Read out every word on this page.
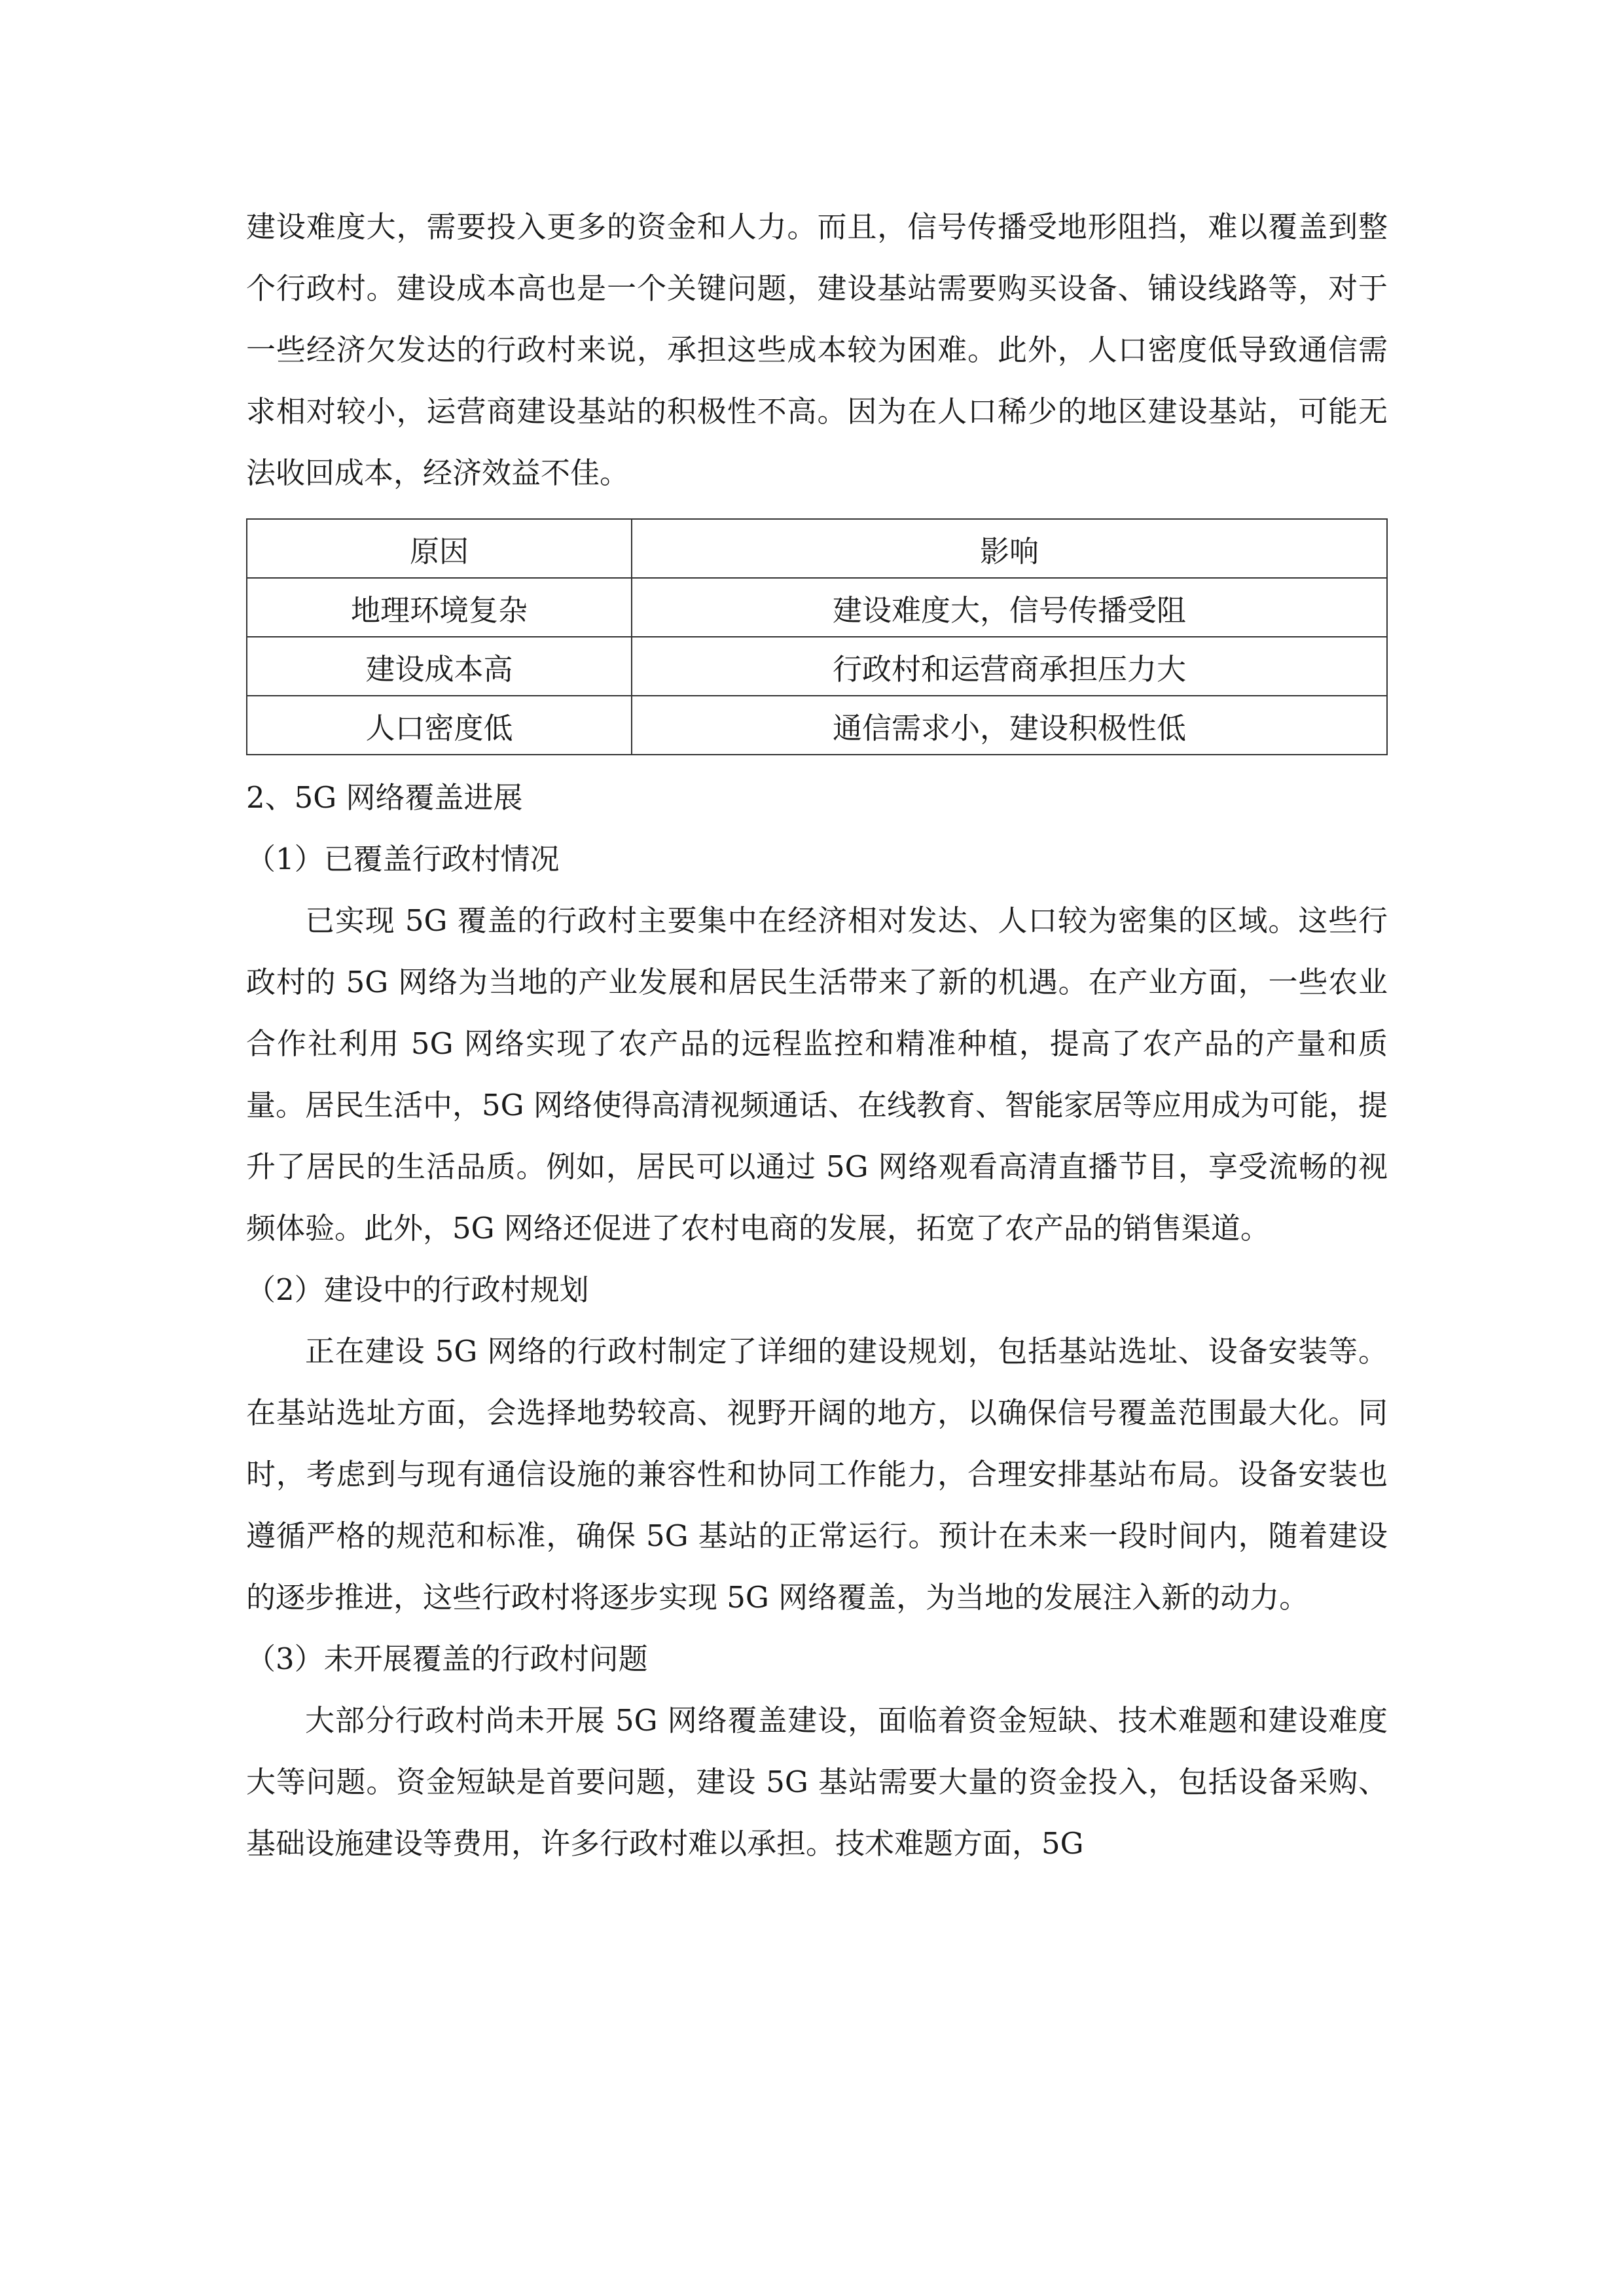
建设难度大，需要投入更多的资金和人力。而且，信号传播受地形阻挡，难以覆盖到整个行政村。建设成本高也是一个关键问题，建设基站需要购买设备、铺设线路等，对于一些经济欠发达的行政村来说，承担这些成本较为困难。此外，人口密度低导致通信需求相对较小，运营商建设基站的积极性不高。因为在人口稀少的地区建设基站，可能无法收回成本，经济效益不佳。

原因	影响
地理环境复杂	建设难度大，信号传播受阻
建设成本高	行政村和运营商承担压力大
人口密度低	通信需求小，建设积极性低
2、5G 网络覆盖进展
（1）已覆盖行政村情况

已实现 5G 覆盖的行政村主要集中在经济相对发达、人口较为密集的区域。这些行政村的 5G 网络为当地的产业发展和居民生活带来了新的机遇。在产业方面，一些农业合作社利用 5G 网络实现了农产品的远程监控和精准种植，提高了农产品的产量和质量。居民生活中，5G 网络使得高清视频通话、在线教育、智能家居等应用成为可能，提升了居民的生活品质。例如，居民可以通过 5G 网络观看高清直播节目，享受流畅的视频体验。此外，5G 网络还促进了农村电商的发展，拓宽了农产品的销售渠道。

（2）建设中的行政村规划

正在建设 5G 网络的行政村制定了详细的建设规划，包括基站选址、设备安装等。在基站选址方面，会选择地势较高、视野开阔的地方，以确保信号覆盖范围最大化。同时，考虑到与现有通信设施的兼容性和协同工作能力，合理安排基站布局。设备安装也遵循严格的规范和标准，确保 5G 基站的正常运行。预计在未来一段时间内，随着建设的逐步推进，这些行政村将逐步实现 5G 网络覆盖，为当地的发展注入新的动力。

（3）未开展覆盖的行政村问题

大部分行政村尚未开展 5G 网络覆盖建设，面临着资金短缺、技术难题和建设难度大等问题。资金短缺是首要问题，建设 5G 基站需要大量的资金投入，包括设备采购、基础设施建设等费用，许多行政村难以承担。技术难题方面，5G
